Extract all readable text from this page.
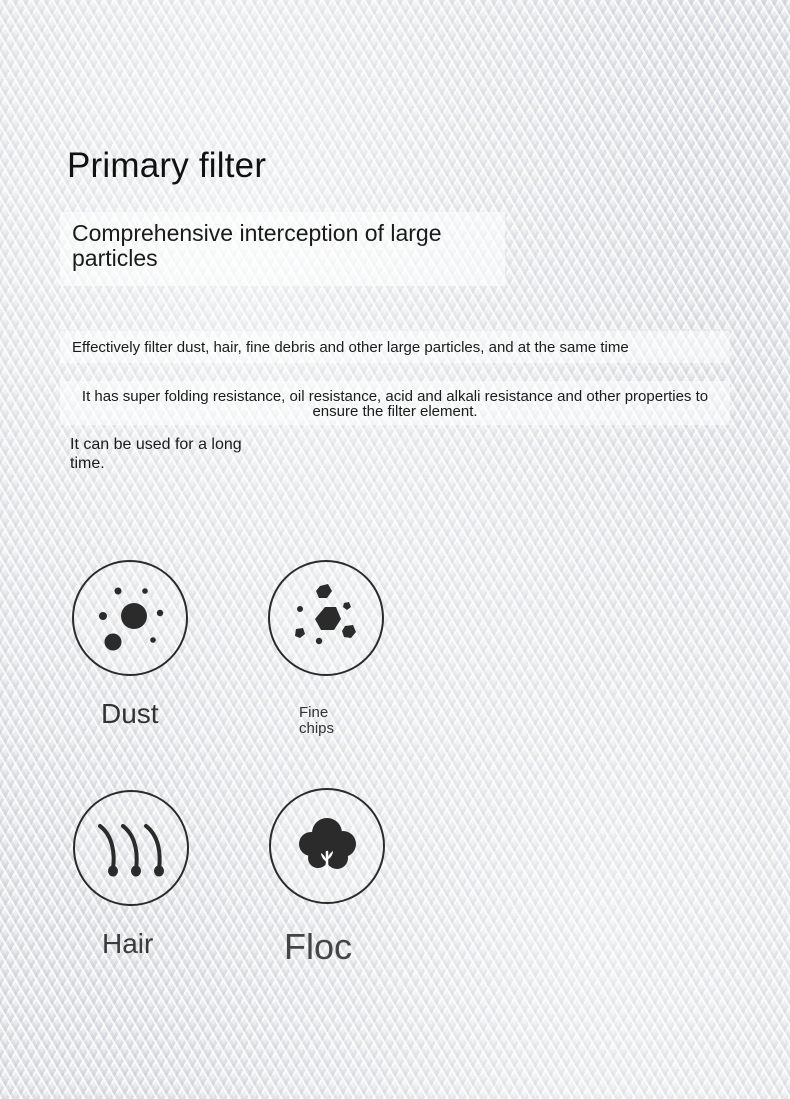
Primary filter

Comprehensive interception of large particles

Effectively filter dust, hair, fine debris and other large particles, and at the same time
It has super folding resistance, oil resistance, acid and alkali resistance and other properties to ensure the filter element.
It can be used for a long time.
Dust	Fine chips
Hair	Floc
